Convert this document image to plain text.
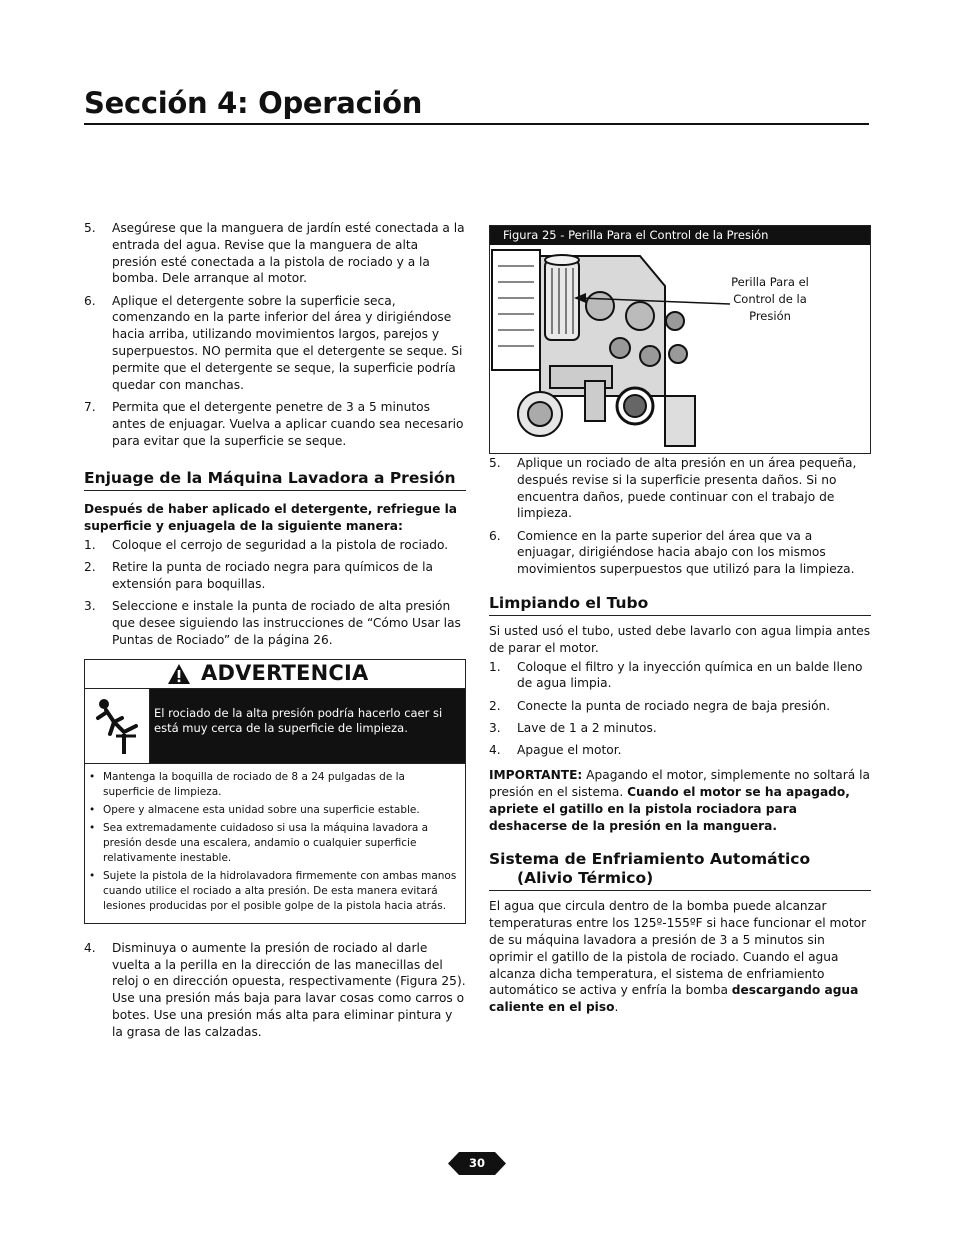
Sección 4: Operación
5. Asegúrese que la manguera de jardín esté conectada a la entrada del agua. Revise que la manguera de alta presión esté conectada a la pistola de rociado y a la bomba. Dele arranque al motor.
6. Aplique el detergente sobre la superficie seca, comenzando en la parte inferior del área y dirigiéndose hacia arriba, utilizando movimientos largos, parejos y superpuestos. NO permita que el detergente se seque. Si permite que el detergente se seque, la superficie podría quedar con manchas.
7. Permita que el detergente penetre de 3 a 5 minutos antes de enjuagar. Vuelva a aplicar cuando sea necesario para evitar que la superficie se seque.
Enjuage de la Máquina Lavadora a Presión

Después de haber aplicado el detergente, refriegue la superficie y enjuagela de la siguiente manera:

1. Coloque el cerrojo de seguridad a la pistola de rociado.
2. Retire la punta de rociado negra para químicos de la extensión para boquillas.
3. Seleccione e instale la punta de rociado de alta presión que desee siguiendo las instrucciones de “Cómo Usar las Puntas de Rociado” de la página 26.
ADVERTENCIA
El rociado de la alta presión podría hacerlo caer si está muy cerca de la superficie de limpieza.
• Mantenga la boquilla de rociado de 8 a 24 pulgadas de la superficie de limpieza.
• Opere y almacene esta unidad sobre una superficie estable.
• Sea extremadamente cuidadoso si usa la máquina lavadora a presión desde una escalera, andamio o cualquier superficie relativamente inestable.
• Sujete la pistola de la hidrolavadora firmemente con ambas manos cuando utilice el rociado a alta presión. De esta manera evitará lesiones producidas por el posible golpe de la pistola hacia atrás.
4. Disminuya o aumente la presión de rociado al darle vuelta a la perilla en la dirección de las manecillas del reloj o en dirección opuesta, respectivamente (Figura 25). Use una presión más baja para lavar cosas como carros o botes. Use una presión más alta para eliminar pintura y la grasa de las calzadas.
Figura 25 - Perilla Para el Control de la Presión
Perilla Para el Control de la Presión
5. Aplique un rociado de alta presión en un área pequeña, después revise si la superficie presenta daños. Si no encuentra daños, puede continuar con el trabajo de limpieza.
6. Comience en la parte superior del área que va a enjuagar, dirigiéndose hacia abajo con los mismos movimientos superpuestos que utilizó para la limpieza.
Limpiando el Tubo

Si usted usó el tubo, usted debe lavarlo con agua limpia antes de parar el motor.

1. Coloque el filtro y la inyección química en un balde lleno de agua limpia.
2. Conecte la punta de rociado negra de baja presión.
3. Lave de 1 a 2 minutos.
4. Apague el motor.

IMPORTANTE: Apagando el motor, simplemente no soltará la presión en el sistema. Cuando el motor se ha apagado, apriete el gatillo en la pistola rociadora para deshacerse de la presión en la manguera.

Sistema de Enfriamiento Automático
(Alivio Térmico)

El agua que circula dentro de la bomba puede alcanzar temperaturas entre los 125º-155ºF si hace funcionar el motor de su máquina lavadora a presión de 3 a 5 minutos sin oprimir el gatillo de la pistola de rociado. Cuando el agua alcanza dicha temperatura, el sistema de enfriamiento automático se activa y enfría la bomba descargando agua caliente en el piso.

30
